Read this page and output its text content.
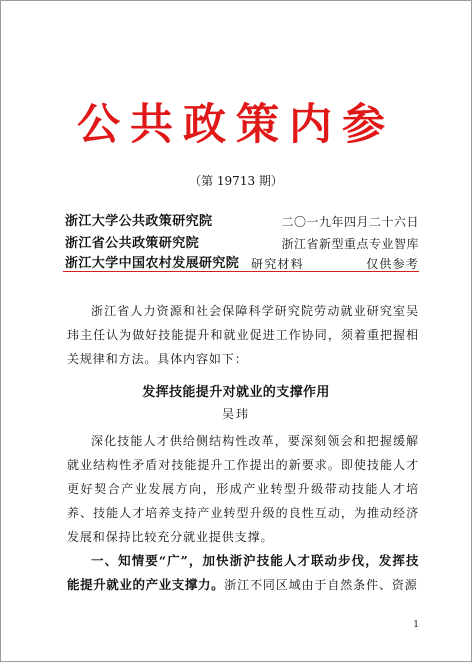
公共政策内参
（第 19713 期）
浙江大学公共政策研究院	二〇一九年四月二十六日
浙江省公共政策研究院	浙江省新型重点专业智库
浙江大学中国农村发展研究院 研究材料	仅供参考

浙江省人力资源和社会保障科学研究院劳动就业研究室吴玮主任认为做好技能提升和就业促进工作协同，须着重把握相关规律和方法。具体内容如下：

发挥技能提升对就业的支撑作用
吴玮

深化技能人才供给侧结构性改革，要深刻领会和把握缓解就业结构性矛盾对技能提升工作提出的新要求。即使技能人才更好契合产业发展方向，形成产业转型升级带动技能人才培养、技能人才培养支持产业转型升级的良性互动，为推动经济发展和保持比较充分就业提供支撑。

一、知情要“广”，加快浙沪技能人才联动步伐，发挥技能提升就业的产业支撑力。浙江不同区域由于自然条件、资源

1
